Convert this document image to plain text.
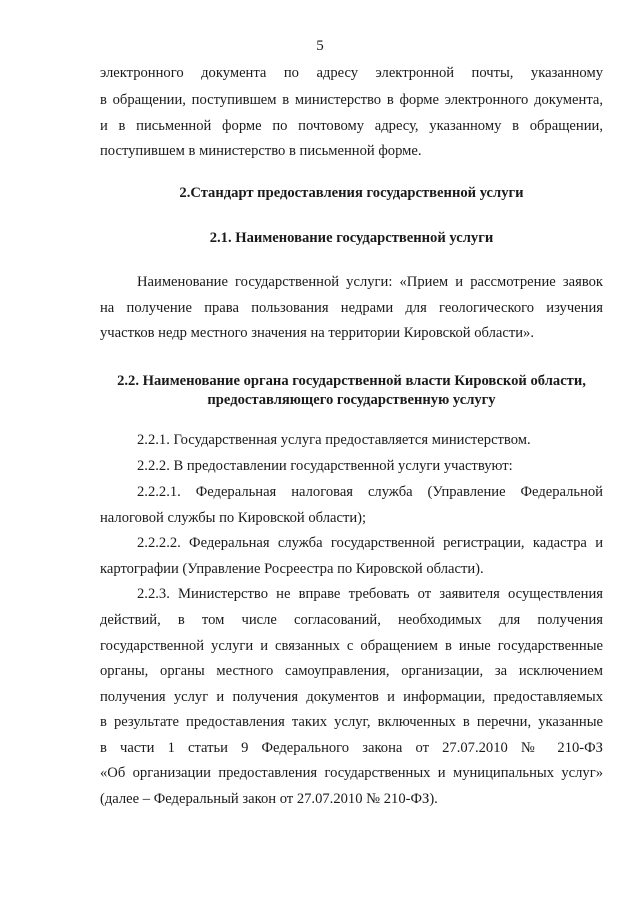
5
электронного документа по адресу электронной почты, указанному
в обращении, поступившем в министерство в форме электронного документа,
и в письменной форме по почтовому адресу, указанному в обращении,
поступившем в министерство в письменной форме.
2.Стандарт предоставления государственной услуги
2.1. Наименование государственной услуги
Наименование государственной услуги: «Прием и рассмотрение заявок
на получение права пользования недрами для геологического изучения
участков недр местного значения на территории Кировской области».
2.2. Наименование органа государственной власти Кировской области,
предоставляющего государственную услугу
2.2.1. Государственная услуга предоставляется министерством.
2.2.2. В предоставлении государственной услуги участвуют:
2.2.2.1. Федеральная налоговая служба (Управление Федеральной
налоговой службы по Кировской области);
2.2.2.2. Федеральная служба государственной регистрации, кадастра и
картографии (Управление Росреестра по Кировской области).
2.2.3. Министерство не вправе требовать от заявителя осуществления
действий, в том числе согласований, необходимых для получения
государственной услуги и связанных с обращением в иные государственные
органы, органы местного самоуправления, организации, за исключением
получения услуг и получения документов и информации, предоставляемых
в результате предоставления таких услуг, включенных в перечни, указанные
в части 1 статьи 9 Федерального закона от 27.07.2010 № 210-ФЗ
«Об организации предоставления государственных и муниципальных услуг»
(далее – Федеральный закон от 27.07.2010 № 210-ФЗ).
